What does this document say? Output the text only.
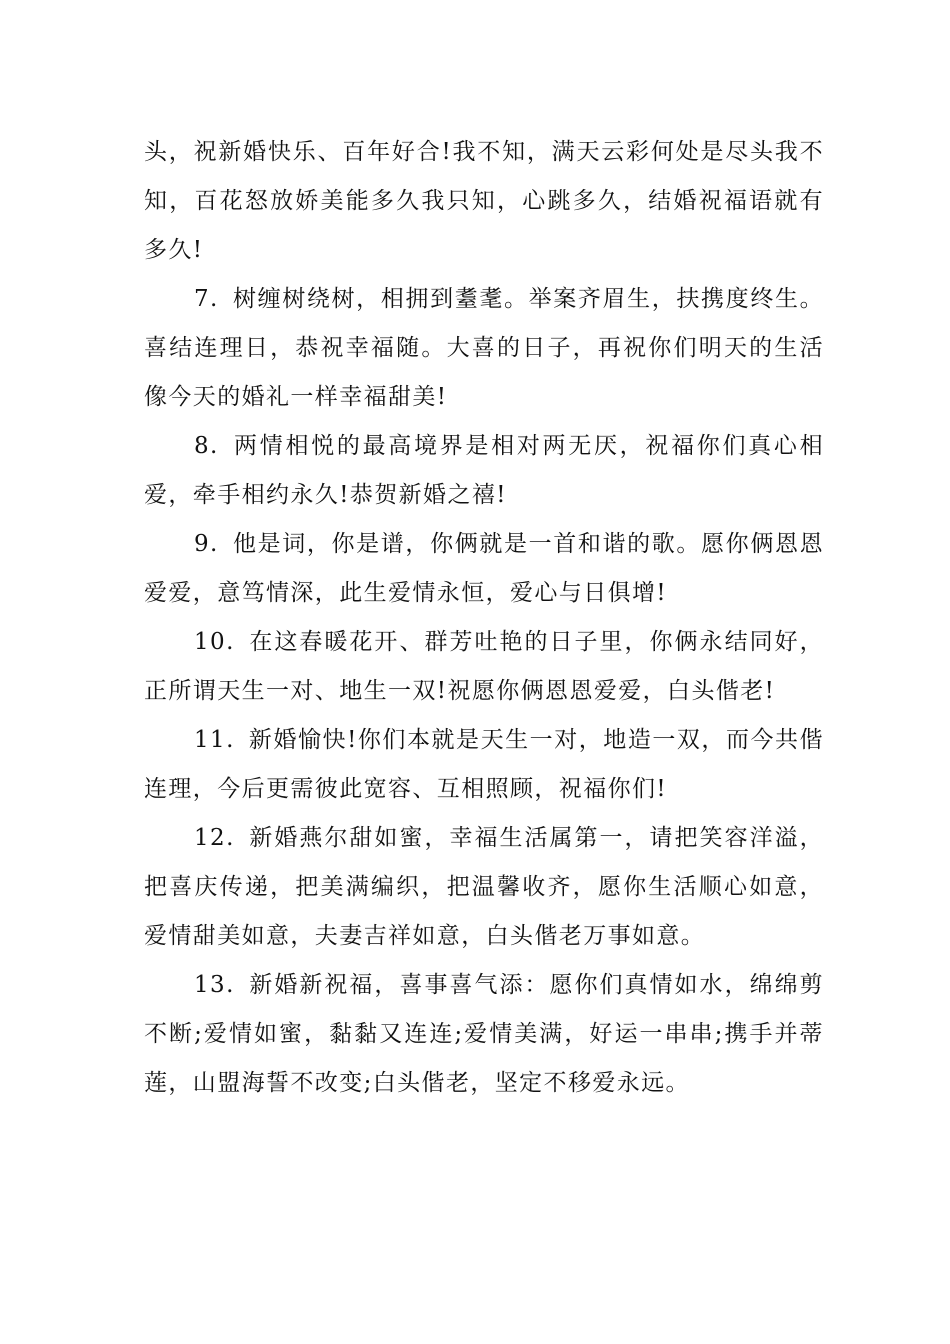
头，祝新婚快乐、百年好合!我不知，满天云彩何处是尽头我不知，百花怒放娇美能多久我只知，心跳多久，结婚祝福语就有多久!

7. 树缠树绕树，相拥到耋耄。举案齐眉生，扶携度终生。喜结连理日，恭祝幸福随。大喜的日子，再祝你们明天的生活像今天的婚礼一样幸福甜美!

8. 两情相悦的最高境界是相对两无厌，祝福你们真心相爱，牵手相约永久!恭贺新婚之禧!

9. 他是词，你是谱，你俩就是一首和谐的歌。愿你俩恩恩爱爱，意笃情深，此生爱情永恒，爱心与日俱增!

10. 在这春暖花开、群芳吐艳的日子里，你俩永结同好，正所谓天生一对、地生一双!祝愿你俩恩恩爱爱，白头偕老!

11. 新婚愉快!你们本就是天生一对，地造一双，而今共偕连理，今后更需彼此宽容、互相照顾，祝福你们!

12. 新婚燕尔甜如蜜，幸福生活属第一，请把笑容洋溢，把喜庆传递，把美满编织，把温馨收齐，愿你生活顺心如意，爱情甜美如意，夫妻吉祥如意，白头偕老万事如意。

13. 新婚新祝福，喜事喜气添：愿你们真情如水，绵绵剪不断;爱情如蜜，黏黏又连连;爱情美满，好运一串串;携手并蒂莲，山盟海誓不改变;白头偕老，坚定不移爱永远。
